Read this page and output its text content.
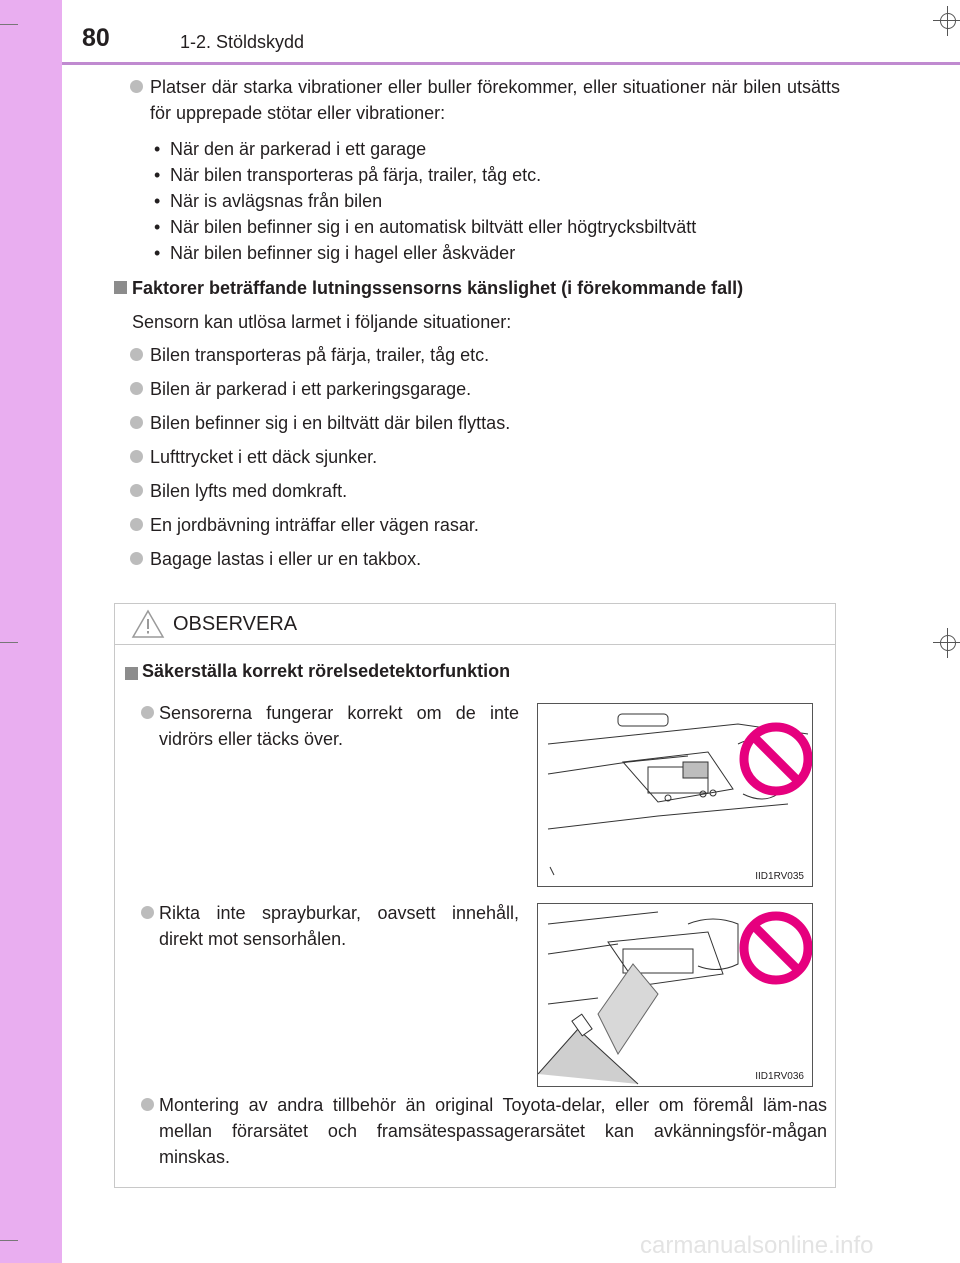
80	1-2. Stöldskydd
Platser där starka vibrationer eller buller förekommer, eller situationer när bilen utsätts för upprepade stötar eller vibrationer:
• När den är parkerad i ett garage
• När bilen transporteras på färja, trailer, tåg etc.
• När is avlägsnas från bilen
• När bilen befinner sig i en automatisk biltvätt eller högtrycksbiltvätt
• När bilen befinner sig i hagel eller åskväder
Faktorer beträffande lutningssensorns känslighet (i förekommande fall)
Sensorn kan utlösa larmet i följande situationer:
Bilen transporteras på färja, trailer, tåg etc.
Bilen är parkerad i ett parkeringsgarage.
Bilen befinner sig i en biltvätt där bilen flyttas.
Lufttrycket i ett däck sjunker.
Bilen lyfts med domkraft.
En jordbävning inträffar eller vägen rasar.
Bagage lastas i eller ur en takbox.
OBSERVERA
Säkerställa korrekt rörelsedetektorfunktion
Sensorerna fungerar korrekt om de inte vidrörs eller täcks över.
Rikta inte sprayburkar, oavsett innehåll, direkt mot sensorhålen.
Montering av andra tillbehör än original Toyota-delar, eller om föremål läm-nas mellan förarsätet och framsätespassagerarsätet kan avkänningsför-mågan minskas.
IID1RV035
IID1RV036
carmanualsonline.info
